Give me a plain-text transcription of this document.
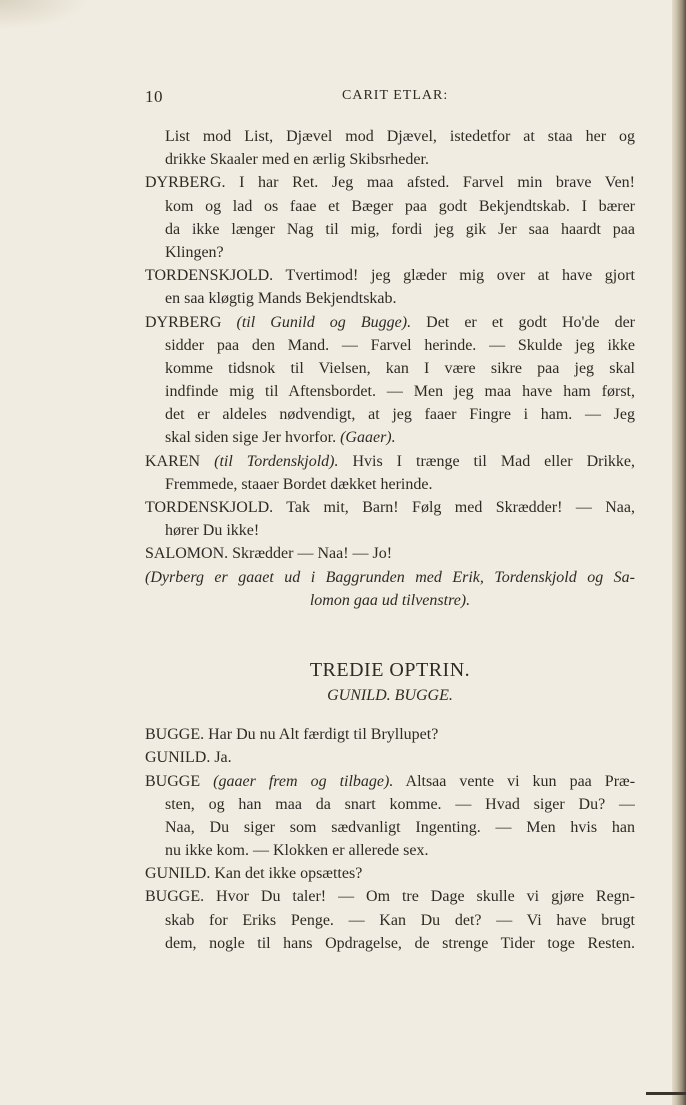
10	CARIT ETLAR:
List mod List, Djævel mod Djævel, istedetfor at staa her og
drikke Skaaler med en ærlig Skibsrheder.
DYRBERG. I har Ret. Jeg maa afsted. Farvel min brave Ven!
kom og lad os faae et Bæger paa godt Bekjendtskab. I bærer
da ikke længer Nag til mig, fordi jeg gik Jer saa haardt paa
Klingen?
TORDENSKJOLD. Tvertimod! jeg glæder mig over at have gjort
en saa kløgtig Mands Bekjendtskab.
DYRBERG (til Gunild og Bugge). Det er et godt Ho'de der
sidder paa den Mand. — Farvel herinde. — Skulde jeg ikke
komme tidsnok til Vielsen, kan I være sikre paa jeg skal
indfinde mig til Aftensbordet. — Men jeg maa have ham først,
det er aldeles nødvendigt, at jeg faaer Fingre i ham. — Jeg
skal siden sige Jer hvorfor. (Gaaer).
KAREN (til Tordenskjold). Hvis I trænge til Mad eller Drikke,
Fremmede, staaer Bordet dækket herinde.
TORDENSKJOLD. Tak mit, Barn! Følg med Skrædder! — Naa,
hører Du ikke!
SALOMON. Skrædder — Naa! — Jo!
(Dyrberg er gaaet ud i Baggrunden med Erik, Tordenskjold og Sa-
lomon gaa ud tilvenstre).
TREDIE OPTRIN.
GUNILD. BUGGE.
BUGGE. Har Du nu Alt færdigt til Bryllupet?
GUNILD. Ja.
BUGGE (gaaer frem og tilbage). Altsaa vente vi kun paa Præ-
sten, og han maa da snart komme. — Hvad siger Du? —
Naa, Du siger som sædvanligt Ingenting. — Men hvis han
nu ikke kom. — Klokken er allerede sex.
GUNILD. Kan det ikke opsættes?
BUGGE. Hvor Du taler! — Om tre Dage skulle vi gjøre Regn-
skab for Eriks Penge. — Kan Du det? — Vi have brugt
dem, nogle til hans Opdragelse, de strenge Tider toge Resten.
